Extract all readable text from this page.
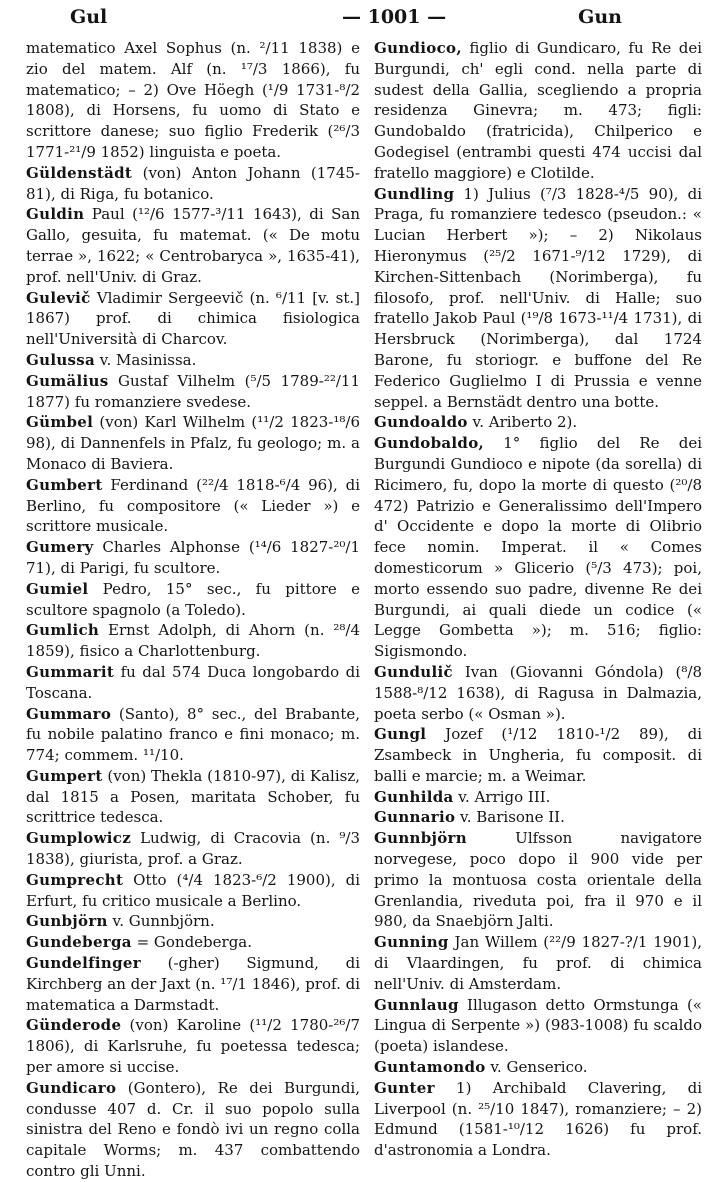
Gul	— 1001 —	Gun

matematico Axel Sophus (n. ²/11 1838) e zio del matem. Alf (n. ¹⁷/3 1866), fu matematico; – 2) Ove Höegh (¹/9 1731-⁸/2 1808), di Horsens, fu uomo di Stato e scrittore danese; suo figlio Frederik (²⁶/3 1771-²¹/9 1852) linguista e poeta.

Güldenstädt (von) Anton Johann (1745-81), di Riga, fu botanico.

Guldin Paul (¹²/6 1577-³/11 1643), di San Gallo, gesuita, fu matemat. (« De motu terrae », 1622; « Centrobaryca », 1635-41), prof. nell'Univ. di Graz.

Gulevič Vladimir Sergeevič (n. ⁶/11 [v. st.] 1867) prof. di chimica fisiologica nell'Università di Charcov.

Gulussa v. Masinissa.

Gumälius Gustaf Vilhelm (⁵/5 1789-²²/11 1877) fu romanziere svedese.

Gümbel (von) Karl Wilhelm (¹¹/2 1823-¹⁸/6 98), di Dannenfels in Pfalz, fu geologo; m. a Monaco di Baviera.

Gumbert Ferdinand (²²/4 1818-⁶/4 96), di Berlino, fu compositore (« Lieder ») e scrittore musicale.

Gumery Charles Alphonse (¹⁴/6 1827-²⁰/1 71), di Parigi, fu scultore.

Gumiel Pedro, 15° sec., fu pittore e scultore spagnolo (a Toledo).

Gumlich Ernst Adolph, di Ahorn (n. ²⁸/4 1859), fisico a Charlottenburg.

Gummarit fu dal 574 Duca longobardo di Toscana.

Gummaro (Santo), 8° sec., del Brabante, fu nobile palatino franco e fini monaco; m. 774; commem. ¹¹/10.

Gumpert (von) Thekla (1810-97), di Kalisz, dal 1815 a Posen, maritata Schober, fu scrittrice tedesca.

Gumplowicz Ludwig, di Cracovia (n. ⁹/3 1838), giurista, prof. a Graz.

Gumprecht Otto (⁴/4 1823-⁶/2 1900), di Erfurt, fu critico musicale a Berlino.

Gunbjörn v. Gunnbjörn.

Gundeberga = Gondeberga.

Gundelfinger (-gher) Sigmund, di Kirchberg an der Jaxt (n. ¹⁷/1 1846), prof. di matematica a Darmstadt.

Günderode (von) Karoline (¹¹/2 1780-²⁶/7 1806), di Karlsruhe, fu poetessa tedesca; per amore si uccise.

Gundicaro (Gontero), Re dei Burgundi, condusse 407 d. Cr. il suo popolo sulla sinistra del Reno e fondò ivi un regno colla capitale Worms; m. 437 combattendo contro gli Unni.

Gundioco, figlio di Gundicaro, fu Re dei Burgundi, ch' egli cond. nella parte di sudest della Gallia, scegliendo a propria residenza Ginevra; m. 473; figli: Gundobaldo (fratricida), Chilperico e Godegisel (entrambi questi 474 uccisi dal fratello maggiore) e Clotilde.

Gundling 1) Julius (⁷/3 1828-⁴/5 90), di Praga, fu romanziere tedesco (pseudon.: « Lucian Herbert »); – 2) Nikolaus Hieronymus (²⁵/2 1671-⁹/12 1729), di Kirchen-Sittenbach (Norimberga), fu filosofo, prof. nell'Univ. di Halle; suo fratello Jakob Paul (¹⁹/8 1673-¹¹/4 1731), di Hersbruck (Norimberga), dal 1724 Barone, fu storiogr. e buffone del Re Federico Guglielmo I di Prussia e venne seppel. a Bernstädt dentro una botte.

Gundoaldo v. Ariberto 2).

Gundobaldo, 1° figlio del Re dei Burgundi Gundioco e nipote (da sorella) di Ricimero, fu, dopo la morte di questo (²⁰/8 472) Patrizio e Generalissimo dell'Impero d' Occidente e dopo la morte di Olibrio fece nomin. Imperat. il « Comes domesticorum » Glicerio (⁵/3 473); poi, morto essendo suo padre, divenne Re dei Burgundi, ai quali diede un codice (« Legge Gombetta »); m. 516; figlio: Sigismondo.

Gundulič Ivan (Giovanni Góndola) (⁸/8 1588-⁸/12 1638), di Ragusa in Dalmazia, poeta serbo (« Osman »).

Gungl Jozef (¹/12 1810-¹/2 89), di Zsambeck in Ungheria, fu composit. di balli e marcie; m. a Weimar.

Gunhilda v. Arrigo III.

Gunnario v. Barisone II.

Gunnbjörn Ulfsson navigatore norvegese, poco dopo il 900 vide per primo la montuosa costa orientale della Grenlandia, riveduta poi, fra il 970 e il 980, da Snaebjörn Jalti.

Gunning Jan Willem (²²/9 1827-?/1 1901), di Vlaardingen, fu prof. di chimica nell'Univ. di Amsterdam.

Gunnlaug Illugason detto Ormstunga (« Lingua di Serpente ») (983-1008) fu scaldo (poeta) islandese.

Guntamondo v. Genserico.

Gunter 1) Archibald Clavering, di Liverpool (n. ²⁵/10 1847), romanziere; – 2) Edmund (1581-¹⁰/12 1626) fu prof. d'astronomia a Londra.
